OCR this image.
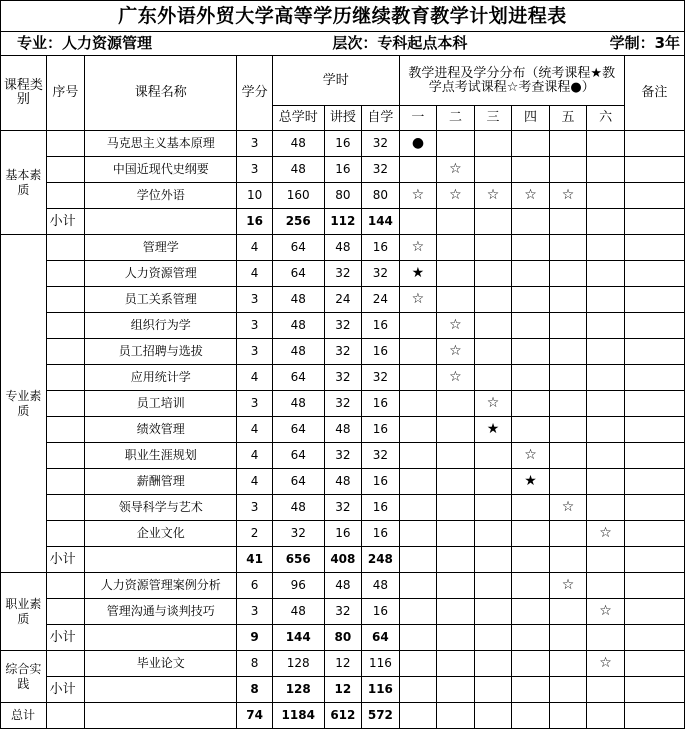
广东外语外贸大学高等学历继续教育教学计划进程表													
专业：人力资源管理				层次：专科起点本科							学制：3年		
课程类别	序号	课程名称	学分	学时			教学进程及学分分布（统考课程★教学点考试课程☆考查课程●）						备注
				总学时	讲授	自学	一	二	三	四	五	六	
基本素质		马克思主义基本原理	3	48	16	32	●						
		中国近现代史纲要	3	48	16	32		☆					
		学位外语	10	160	80	80	☆	☆	☆	☆	☆		
	小计		16	256	112	144							
专业素质		管理学	4	64	48	16	☆						
		人力资源管理	4	64	32	32	★						
		员工关系管理	3	48	24	24	☆						
		组织行为学	3	48	32	16		☆					
		员工招聘与选拔	3	48	32	16		☆					
		应用统计学	4	64	32	32		☆					
		员工培训	3	48	32	16			☆				
		绩效管理	4	64	48	16			★				
		职业生涯规划	4	64	32	32				☆			
		薪酬管理	4	64	48	16				★			
		领导科学与艺术	3	48	32	16					☆		
		企业文化	2	32	16	16						☆	
	小计		41	656	408	248							
职业素质		人力资源管理案例分析	6	96	48	48					☆		
		管理沟通与谈判技巧	3	48	32	16						☆	
	小计		9	144	80	64							
综合实践		毕业论文	8	128	12	116						☆	
	小计		8	128	12	116							
总计			74	1184	612	572							
